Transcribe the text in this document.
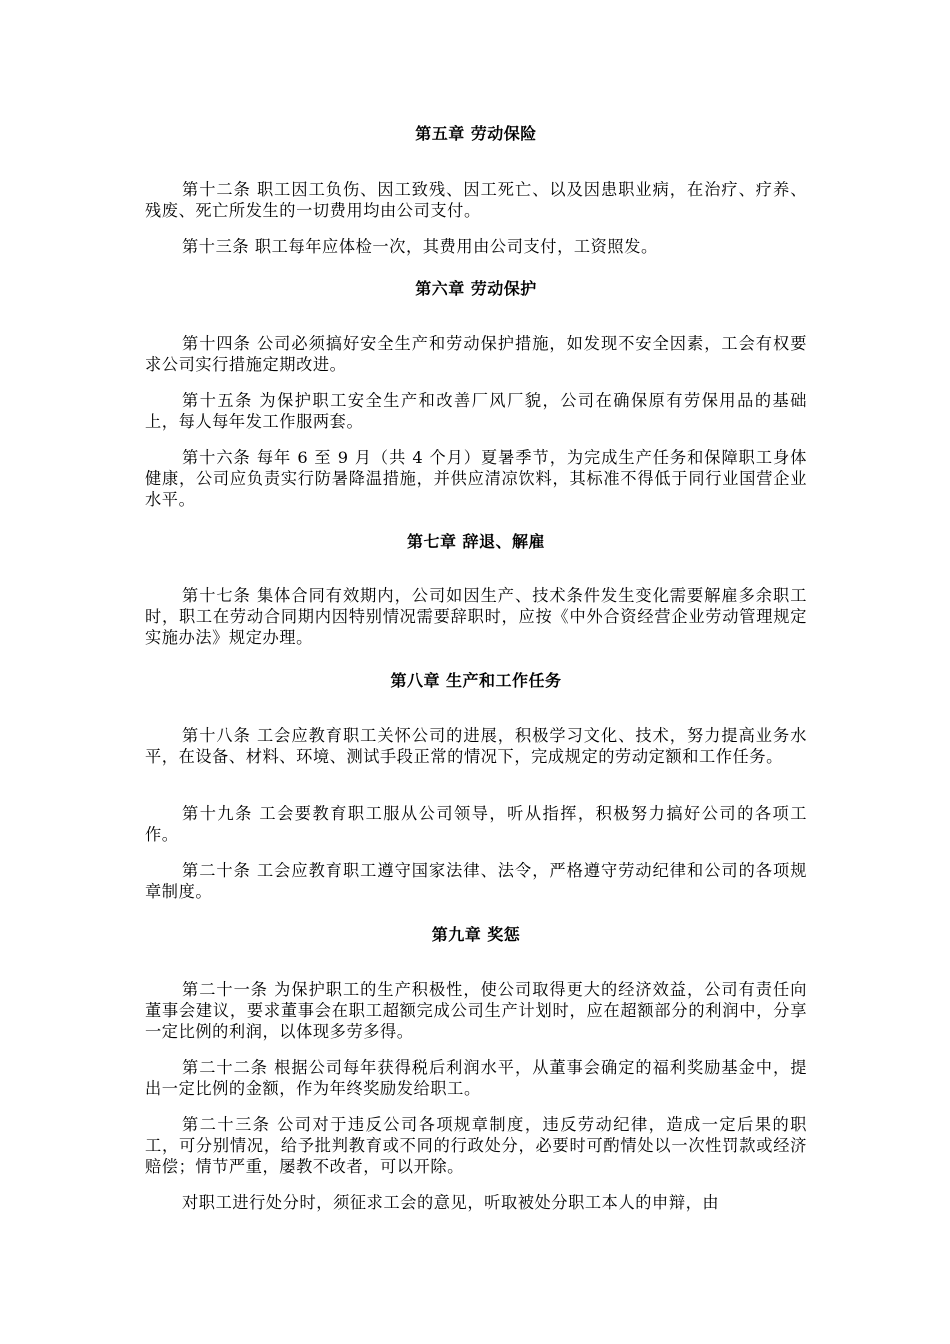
第五章 劳动保险

第十二条 职工因工负伤、因工致残、因工死亡、以及因患职业病，在治疗、疗养、残废、死亡所发生的一切费用均由公司支付。

第十三条 职工每年应体检一次，其费用由公司支付，工资照发。

第六章 劳动保护

第十四条 公司必须搞好安全生产和劳动保护措施，如发现不安全因素，工会有权要求公司实行措施定期改进。

第十五条 为保护职工安全生产和改善厂风厂貌，公司在确保原有劳保用品的基础上，每人每年发工作服两套。

第十六条 每年 6 至 9 月（共 4 个月）夏暑季节，为完成生产任务和保障职工身体健康，公司应负责实行防暑降温措施，并供应清凉饮料，其标准不得低于同行业国营企业水平。

第七章 辞退、解雇

第十七条 集体合同有效期内，公司如因生产、技术条件发生变化需要解雇多余职工时，职工在劳动合同期内因特别情况需要辞职时，应按《中外合资经营企业劳动管理规定实施办法》规定办理。

第八章 生产和工作任务

第十八条 工会应教育职工关怀公司的进展，积极学习文化、技术，努力提高业务水平，在设备、材料、环境、测试手段正常的情况下，完成规定的劳动定额和工作任务。

第十九条 工会要教育职工服从公司领导，听从指挥，积极努力搞好公司的各项工作。

第二十条 工会应教育职工遵守国家法律、法令，严格遵守劳动纪律和公司的各项规章制度。

第九章 奖惩

第二十一条 为保护职工的生产积极性，使公司取得更大的经济效益，公司有责任向董事会建议，要求董事会在职工超额完成公司生产计划时，应在超额部分的利润中，分享一定比例的利润，以体现多劳多得。

第二十二条 根据公司每年获得税后利润水平，从董事会确定的福利奖励基金中，提出一定比例的金额，作为年终奖励发给职工。

第二十三条 公司对于违反公司各项规章制度，违反劳动纪律，造成一定后果的职工，可分别情况，给予批判教育或不同的行政处分，必要时可酌情处以一次性罚款或经济赔偿；情节严重，屡教不改者，可以开除。

对职工进行处分时，须征求工会的意见，听取被处分职工本人的申辩，由
